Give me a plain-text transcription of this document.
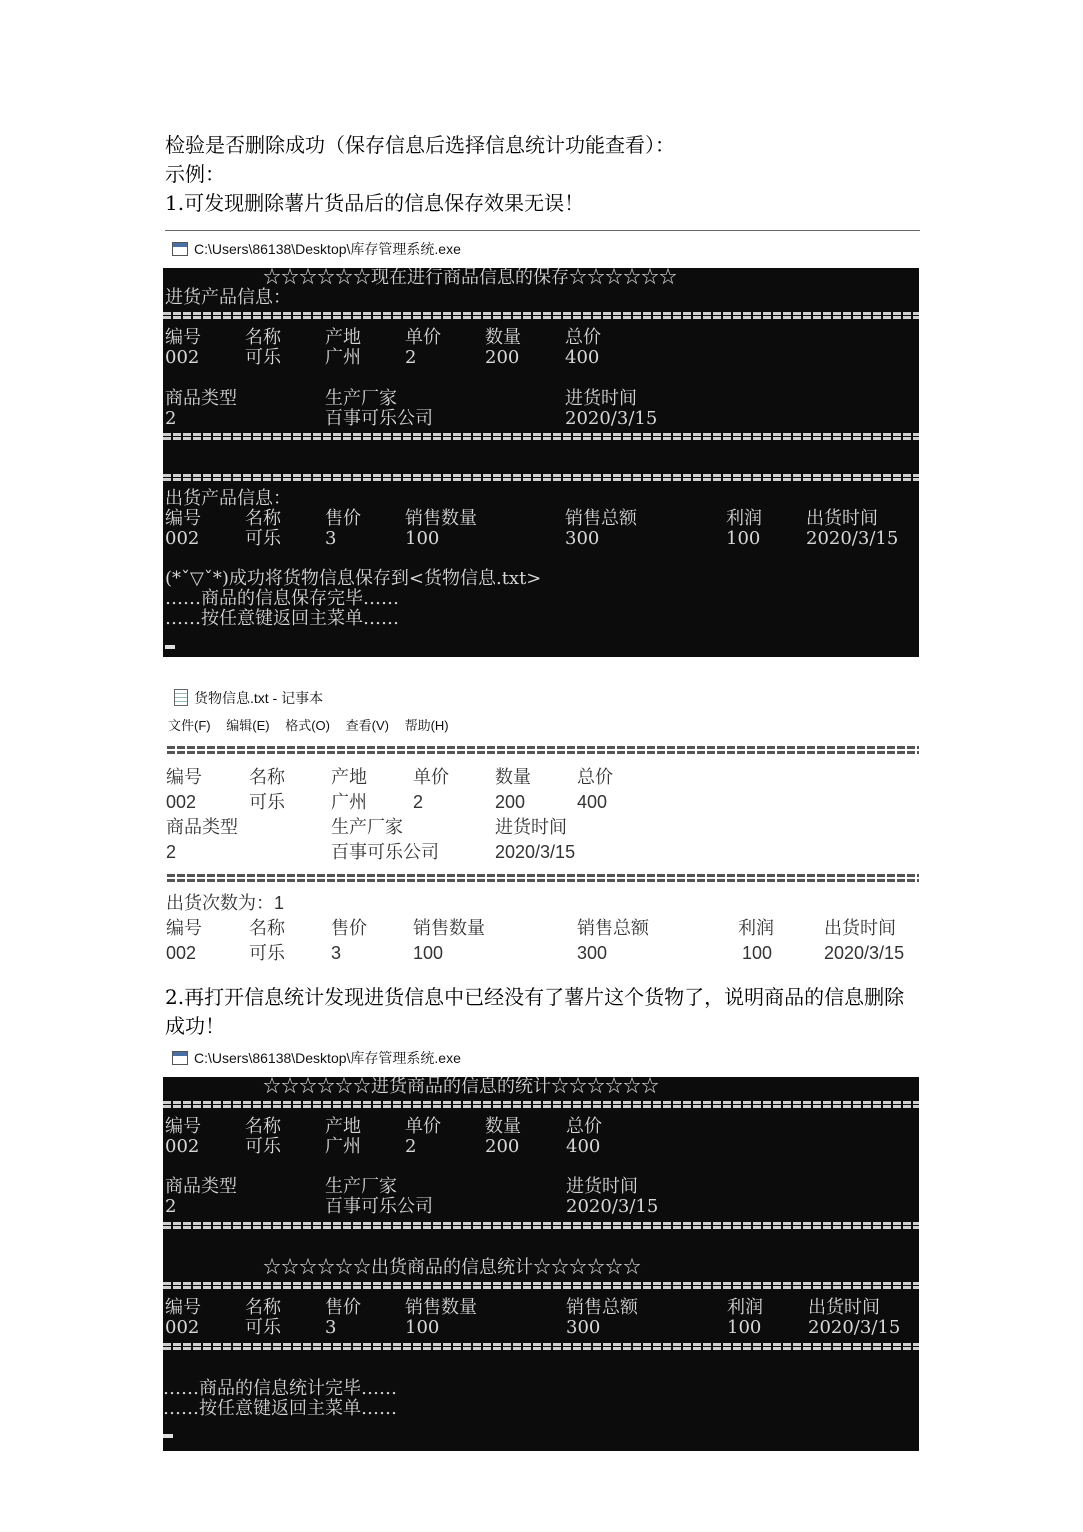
检验是否删除成功（保存信息后选择信息统计功能查看）：
示例：
1.可发现删除薯片货品后的信息保存效果无误！
C:\Users\86138\Desktop\库存管理系统.exe
☆☆☆☆☆☆现在进行商品信息的保存☆☆☆☆☆☆
进货产品信息：
编号 名称 产地 单价 数量 总价
002	可乐 广州 2	200	400
商品类型	生产厂家	进货时间
2	百事可乐公司	2020/3/15
出货产品信息：
编号 名称 售价 销售数量	销售总额	利润 出货时间
002	可乐 3	100	300	100	2020/3/15
(*ˇ▽ˇ*)成功将货物信息保存到<货物信息.txt>
……商品的信息保存完毕……
……按任意键返回主菜单……
货物信息.txt - 记事本
文件(F) 编辑(E) 格式(O) 查看(V) 帮助(H)
编号	名称	产地	单价	数量	总价
002	可乐	广州	2	200	400
商品类型	生产厂家	进货时间
2	百事可乐公司	2020/3/15
出货次数为：1
编号	名称	售价	销售数量	销售总额	利润	出货时间
002	可乐	3	100	300	100	2020/3/15
2.再打开信息统计发现进货信息中已经没有了薯片这个货物了，说明商品的信息删除成功！
C:\Users\86138\Desktop\库存管理系统.exe
☆☆☆☆☆☆进货商品的信息的统计☆☆☆☆☆☆
编号 名称 产地 单价 数量	总价
002	可乐 广州 2	200	400
商品类型	生产厂家	进货时间
2	百事可乐公司	2020/3/15
☆☆☆☆☆☆出货商品的信息统计☆☆☆☆☆☆
编号 名称 售价 销售数量	销售总额	利润	出货时间
002	可乐 3	100	300	100	2020/3/15
……商品的信息统计完毕……
……按任意键返回主菜单……
